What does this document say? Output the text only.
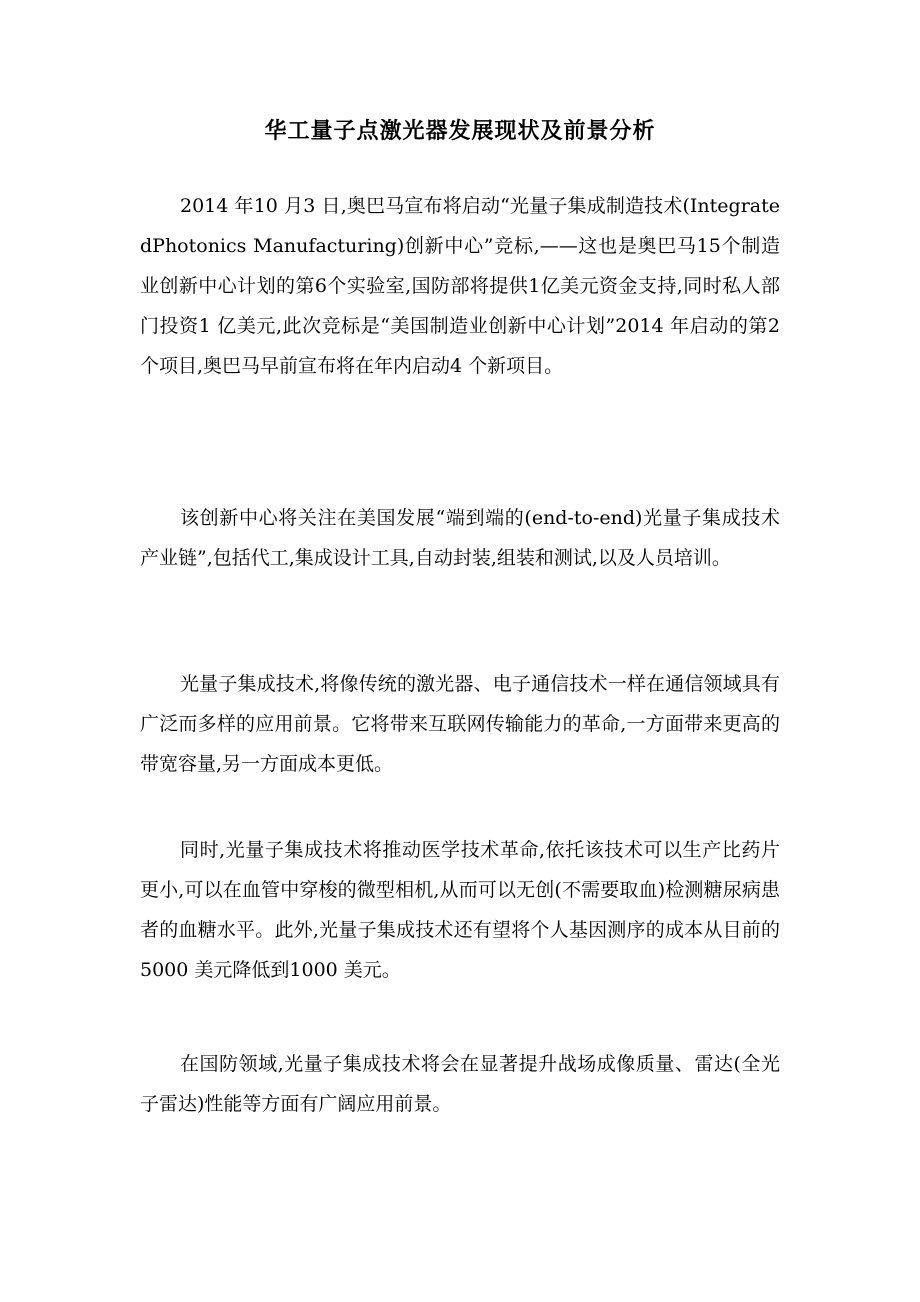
华工量子点激光器发展现状及前景分析

2014 年10 月3 日,奥巴马宣布将启动“光量子集成制造技术(IntegratedPhotonics Manufacturing)创新中心”竞标,——这也是奥巴马15个制造业创新中心计划的第6个实验室,国防部将提供1亿美元资金支持,同时私人部门投资1 亿美元,此次竞标是“美国制造业创新中心计划”2014 年启动的第2个项目,奥巴马早前宣布将在年内启动4 个新项目。

该创新中心将关注在美国发展“端到端的(end-to-end)光量子集成技术产业链”,包括代工,集成设计工具,自动封装,组装和测试,以及人员培训。

光量子集成技术,将像传统的激光器、电子通信技术一样在通信领域具有广泛而多样的应用前景。它将带来互联网传输能力的革命,一方面带来更高的带宽容量,另一方面成本更低。

同时,光量子集成技术将推动医学技术革命,依托该技术可以生产比药片更小,可以在血管中穿梭的微型相机,从而可以无创(不需要取血)检测糖尿病患者的血糖水平。此外,光量子集成技术还有望将个人基因测序的成本从目前的5000 美元降低到1000 美元。

在国防领域,光量子集成技术将会在显著提升战场成像质量、雷达(全光子雷达)性能等方面有广阔应用前景。
